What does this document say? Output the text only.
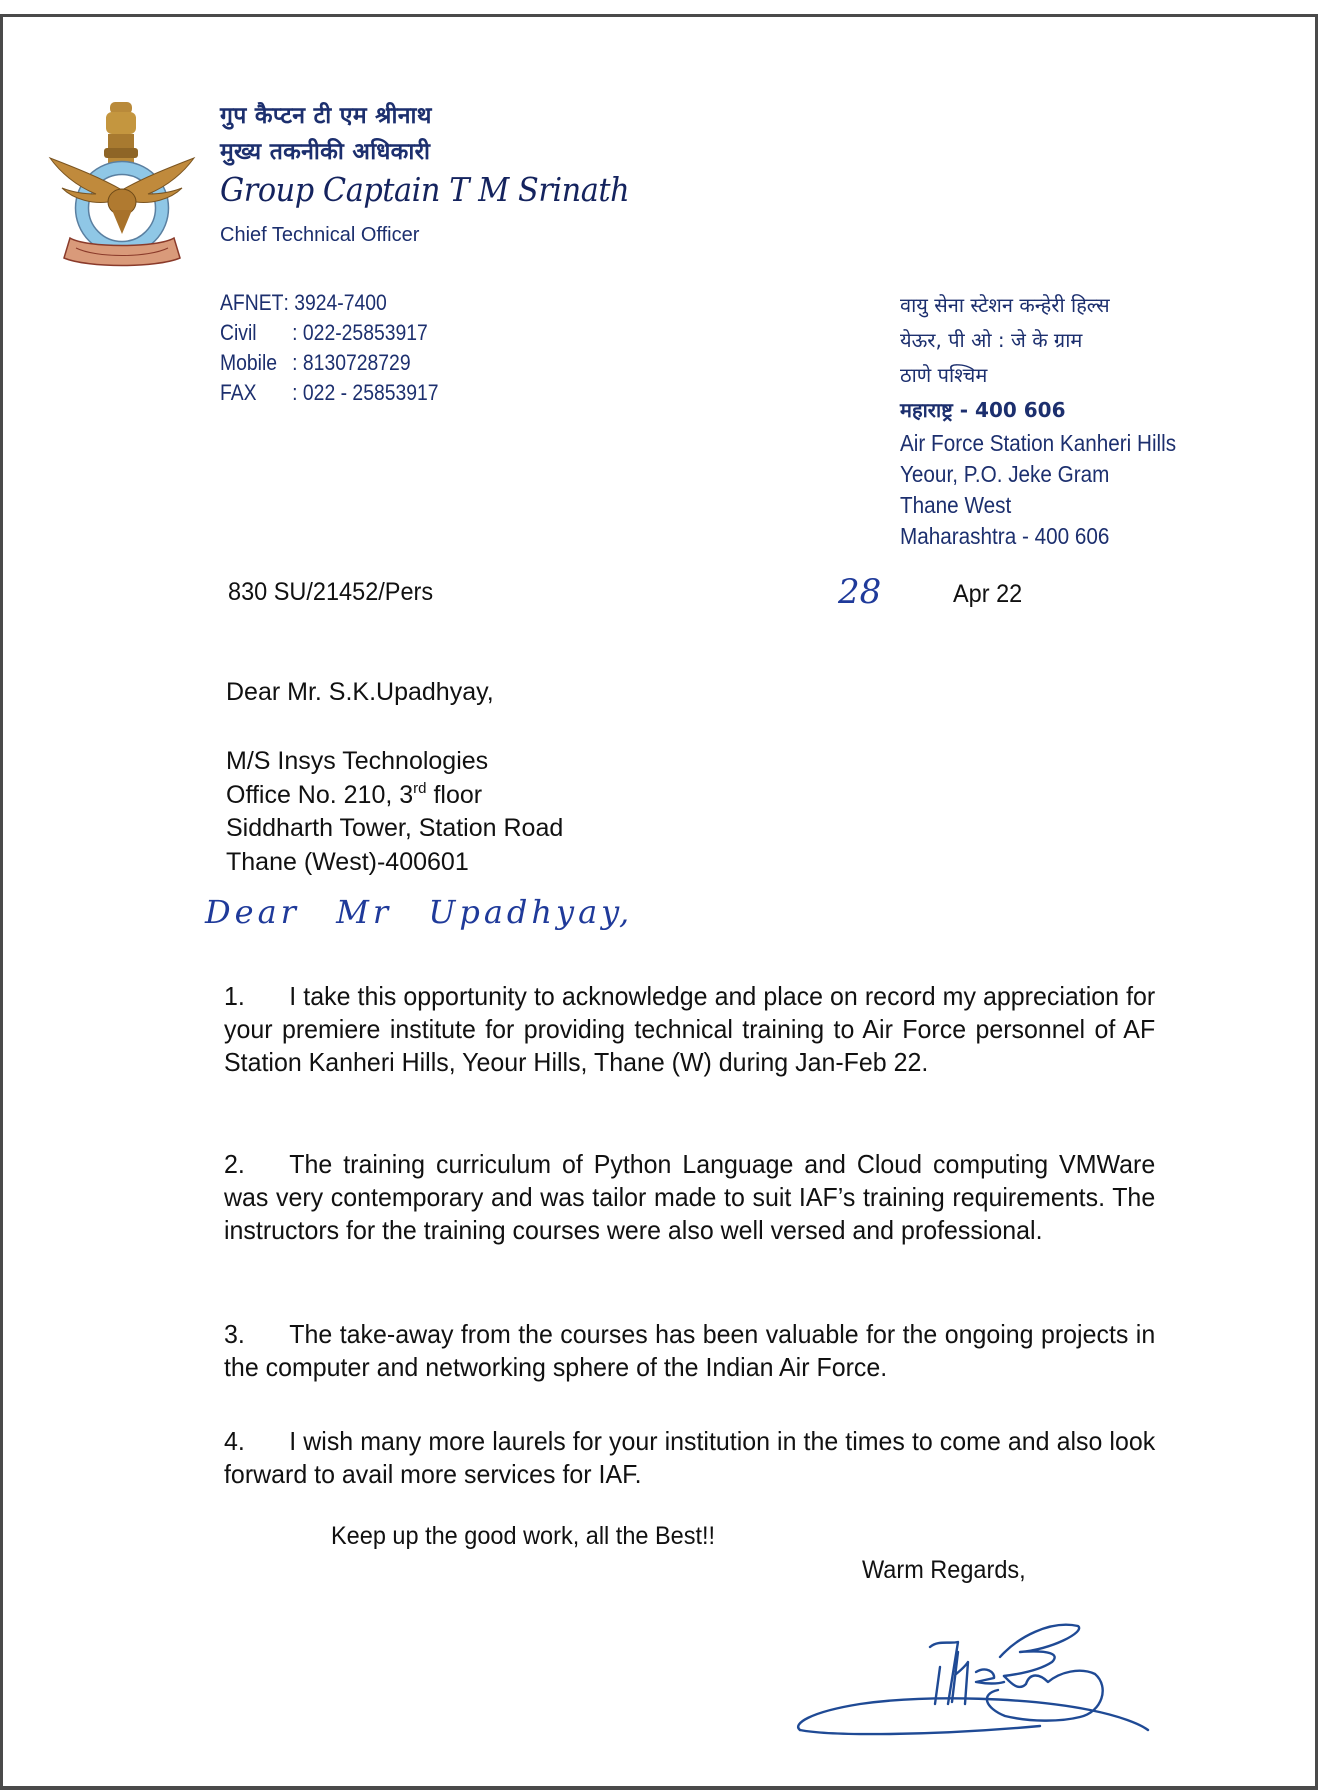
गुप कैप्टन टी एम श्रीनाथ
मुख्य तकनीकी अधिकारी
Group Captain T M Srinath
Chief Technical Officer
AFNET: 3924-7400
Civil : 022-25853917
Mobile : 8130728729
FAX : 022 - 25853917
वायु सेना स्टेशन कन्हेरी हिल्स
येऊर, पी ओ : जे के ग्राम
ठाणे पश्चिम
महाराष्ट्र - 400 606
Air Force Station Kanheri Hills
Yeour, P.O. Jeke Gram
Thane West
Maharashtra - 400 606
830 SU/21452/Pers	28	Apr 22
Dear Mr. S.K.Upadhyay,
M/S Insys Technologies
Office No. 210, 3rd floor
Siddharth Tower, Station Road
Thane (West)-400601
Dear Mr Upadhyay,
1. I take this opportunity to acknowledge and place on record my appreciation for your premiere institute for providing technical training to Air Force personnel of AF Station Kanheri Hills, Yeour Hills, Thane (W) during Jan-Feb 22.
2. The training curriculum of Python Language and Cloud computing VMWare was very contemporary and was tailor made to suit IAF’s training requirements. The instructors for the training courses were also well versed and professional.
3. The take-away from the courses has been valuable for the ongoing projects in the computer and networking sphere of the Indian Air Force.
4. I wish many more laurels for your institution in the times to come and also look forward to avail more services for IAF.
Keep up the good work, all the Best!!
Warm Regards,
